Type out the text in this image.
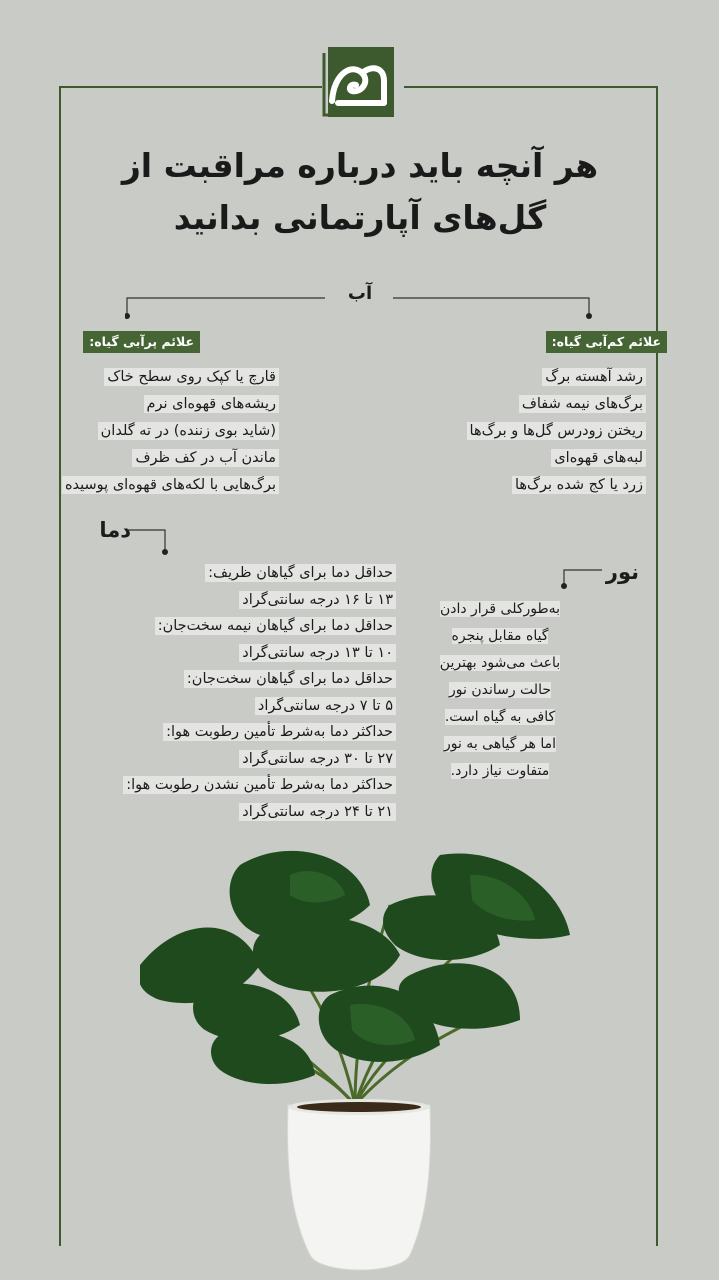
هر آنچه باید درباره مراقبت از
گل‌های آپارتمانی بدانید
آب
علائم کم‌آبی گیاه:
رشد آهسته برگ
برگ‌های نیمه شفاف
ریختن زودرس گل‌ها و برگ‌ها
لبه‌های قهوه‌ای
زرد یا کج شده برگ‌ها
علائم پرآبی گیاه:
قارچ یا کپک روی سطح خاک
ریشه‌های قهوه‌ای نرم
(شاید بوی زننده) در ته گلدان
ماندن آب در کف ظرف
برگ‌هایی با لکه‌های قهوه‌ای پوسیده
دما
حداقل دما برای گیاهان ظریف:
۱۳ تا ۱۶ درجه سانتی‌گراد
حداقل دما برای گیاهان نیمه سخت‌جان:
۱۰ تا ۱۳ درجه سانتی‌گراد
حداقل دما برای گیاهان سخت‌جان:
۵ تا ۷ درجه سانتی‌گراد
حداکثر دما به‌شرط تأمین رطوبت هوا:
۲۷ تا ۳۰ درجه سانتی‌گراد
حداکثر دما به‌شرط تأمین نشدن رطوبت هوا:
۲۱ تا ۲۴ درجه سانتی‌گراد
نور
به‌طورکلی قرار دادن
گیاه مقابل پنجره
باعث می‌شود بهترین
حالت رساندن نور
کافی به گیاه است.
اما هر گیاهی به نور
متفاوت نیاز دارد.
